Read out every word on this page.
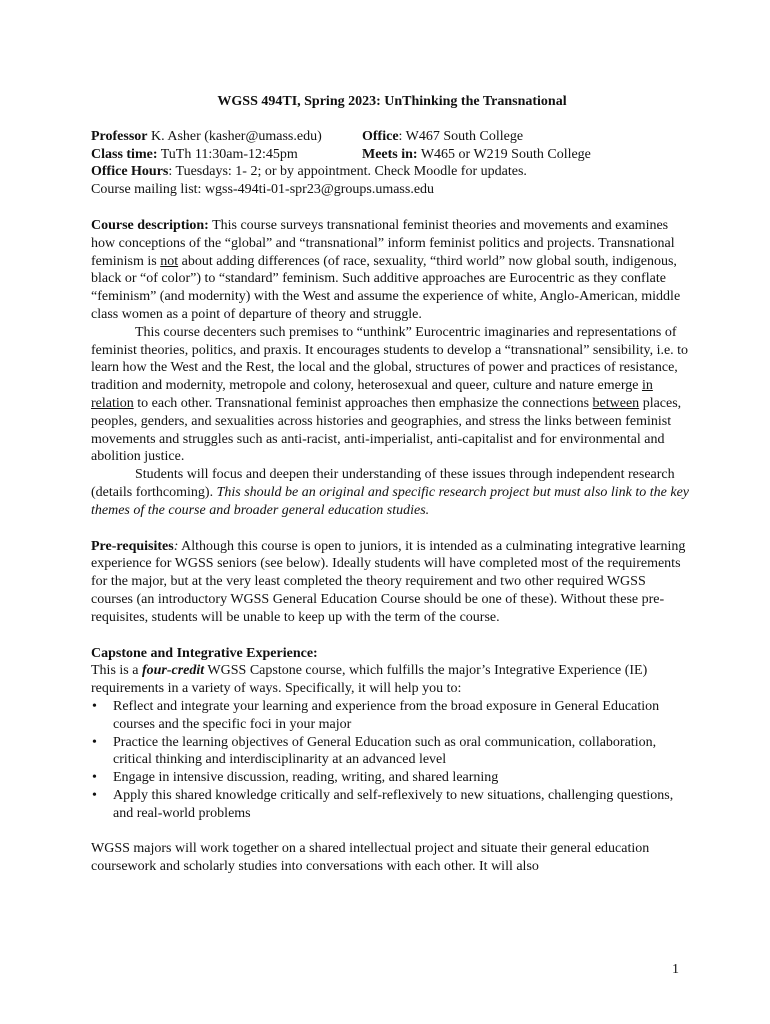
WGSS 494TI, Spring 2023: UnThinking the Transnational

Professor K. Asher (kasher@umass.edu)	Office: W467 South College
Class time: TuTh 11:30am-12:45pm	Meets in: W465 or W219 South College

Office Hours: Tuesdays: 1- 2; or by appointment. Check Moodle for updates.

Course mailing list: wgss-494ti-01-spr23@groups.umass.edu

Course description: This course surveys transnational feminist theories and movements and examines how conceptions of the “global” and “transnational” inform feminist politics and projects. Transnational feminism is not about adding differences (of race, sexuality, “third world” now global south, indigenous, black or “of color”) to “standard” feminism. Such additive approaches are Eurocentric as they conflate “feminism” (and modernity) with the West and assume the experience of white, Anglo-American, middle class women as a point of departure of theory and struggle.

This course decenters such premises to “unthink” Eurocentric imaginaries and representations of feminist theories, politics, and praxis. It encourages students to develop a “transnational” sensibility, i.e. to learn how the West and the Rest, the local and the global, structures of power and practices of resistance, tradition and modernity, metropole and colony, heterosexual and queer, culture and nature emerge in relation to each other. Transnational feminist approaches then emphasize the connections between places, peoples, genders, and sexualities across histories and geographies, and stress the links between feminist movements and struggles such as anti-racist, anti-imperialist, anti-capitalist and for environmental and abolition justice.

Students will focus and deepen their understanding of these issues through independent research (details forthcoming). This should be an original and specific research project but must also link to the key themes of the course and broader general education studies.

Pre-requisites: Although this course is open to juniors, it is intended as a culminating integrative learning experience for WGSS seniors (see below). Ideally students will have completed most of the requirements for the major, but at the very least completed the theory requirement and two other required WGSS courses (an introductory WGSS General Education Course should be one of these). Without these pre-requisites, students will be unable to keep up with the term of the course.

Capstone and Integrative Experience:

This is a four-credit WGSS Capstone course, which fulfills the major’s Integrative Experience (IE) requirements in a variety of ways. Specifically, it will help you to:

• Reflect and integrate your learning and experience from the broad exposure in General Education courses and the specific foci in your major
• Practice the learning objectives of General Education such as oral communication, collaboration, critical thinking and interdisciplinarity at an advanced level
• Engage in intensive discussion, reading, writing, and shared learning
• Apply this shared knowledge critically and self-reflexively to new situations, challenging questions, and real-world problems

WGSS majors will work together on a shared intellectual project and situate their general education coursework and scholarly studies into conversations with each other. It will also

1
